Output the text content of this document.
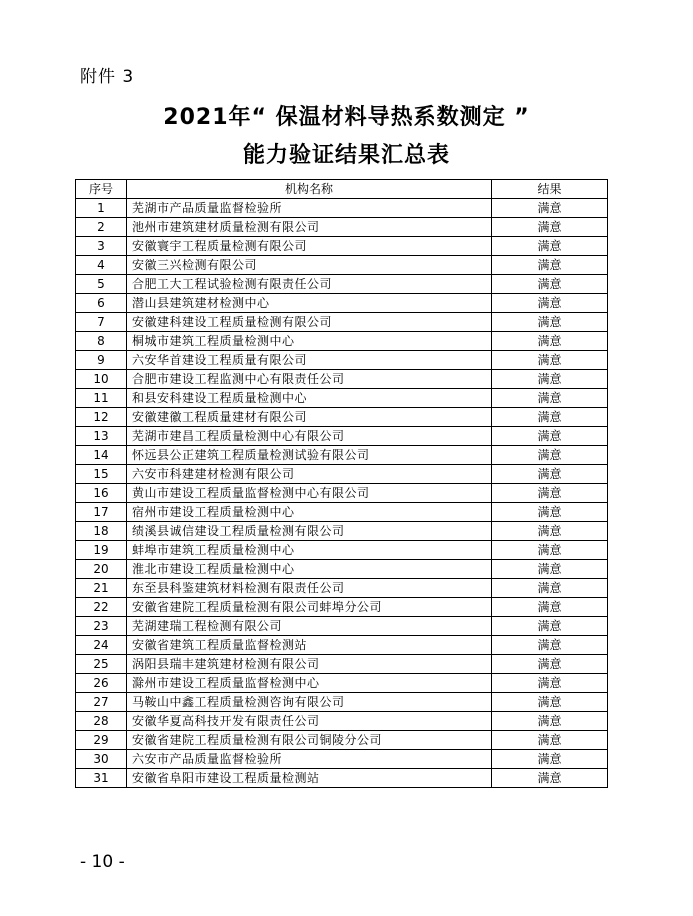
附件 3
2021年“ 保温材料导热系数测定 ”
能力验证结果汇总表
序号	机构名称	结果
1	芜湖市产品质量监督检验所	满意
2	池州市建筑建材质量检测有限公司	满意
3	安徽寰宇工程质量检测有限公司	满意
4	安徽三兴检测有限公司	满意
5	合肥工大工程试验检测有限责任公司	满意
6	潜山县建筑建材检测中心	满意
7	安徽建科建设工程质量检测有限公司	满意
8	桐城市建筑工程质量检测中心	满意
9	六安华首建设工程质量有限公司	满意
10	合肥市建设工程监测中心有限责任公司	满意
11	和县安科建设工程质量检测中心	满意
12	安徽建徽工程质量建材有限公司	满意
13	芜湖市建昌工程质量检测中心有限公司	满意
14	怀远县公正建筑工程质量检测试验有限公司	满意
15	六安市科建建材检测有限公司	满意
16	黄山市建设工程质量监督检测中心有限公司	满意
17	宿州市建设工程质量检测中心	满意
18	绩溪县诚信建设工程质量检测有限公司	满意
19	蚌埠市建筑工程质量检测中心	满意
20	淮北市建设工程质量检测中心	满意
21	东至县科鉴建筑材料检测有限责任公司	满意
22	安徽省建院工程质量检测有限公司蚌埠分公司	满意
23	芜湖建瑞工程检测有限公司	满意
24	安徽省建筑工程质量监督检测站	满意
25	涡阳县瑞丰建筑建材检测有限公司	满意
26	滁州市建设工程质量监督检测中心	满意
27	马鞍山中鑫工程质量检测咨询有限公司	满意
28	安徽华夏高科技开发有限责任公司	满意
29	安徽省建院工程质量检测有限公司铜陵分公司	满意
30	六安市产品质量监督检验所	满意
31	安徽省阜阳市建设工程质量检测站	满意
- 10 -
